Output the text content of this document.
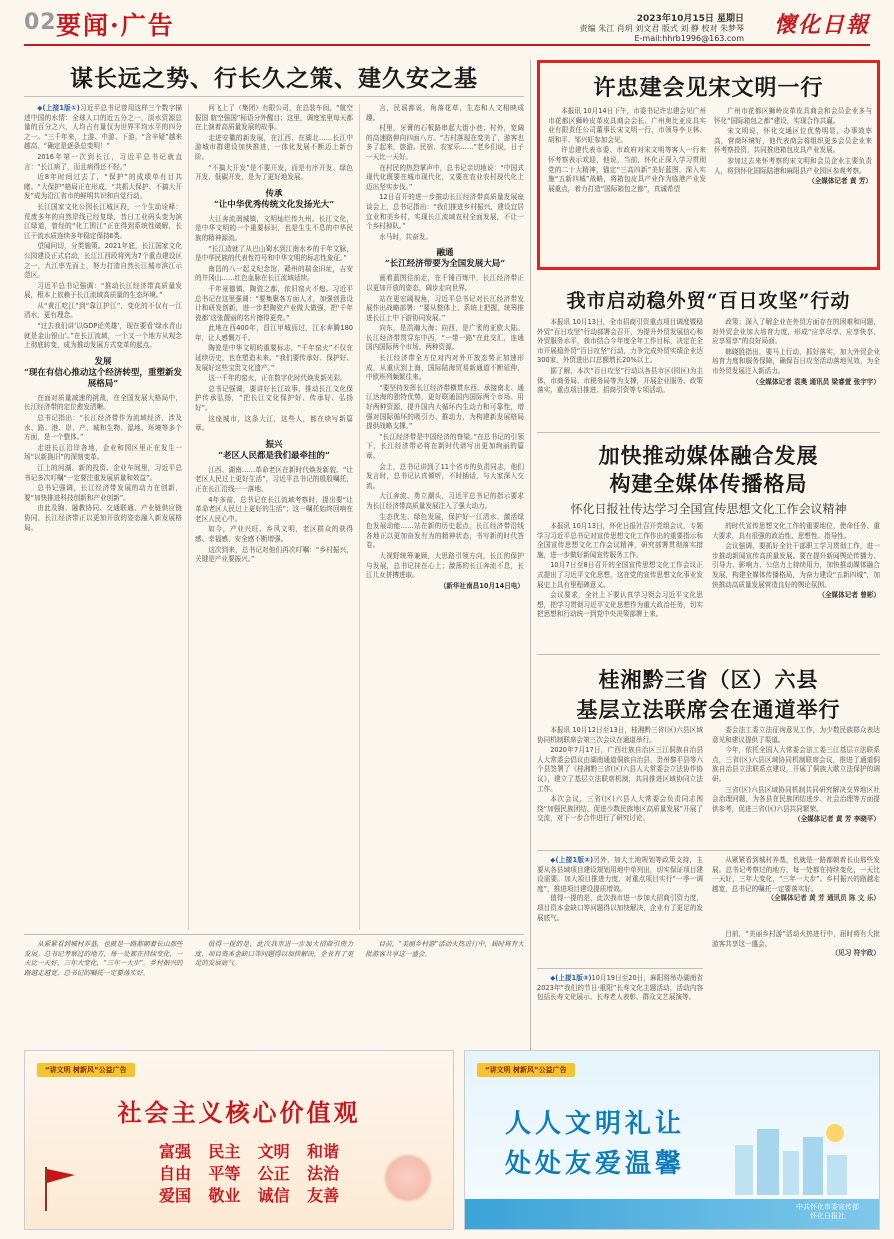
02 要闻·广告	2023年10月15日 星期日
责编 朱江 肖玥 刘文君 版式 刘 静 校对 朱梦琴
E-mail:hhrb1996@163.com
懷化日報
谋长远之势、行长久之策、建久安之基

◆(上接1版①)习近平总书记曾用这样三个数字描述中国的水情：全球人口的近五分之一，淡水资源总量的百分之六，人均占有量仅为世界平均水平的四分之一。“三千年来，上游、中游、下游，“含辛疑”越来越高，“确定是逐条总变明！”

2016年第一次到长江，习近平总书记就直言：“长江病了，而且病得还不轻。”

近8年时间过去了，“保护”的成绩单有目共睹。“大保护”格局正在形成，“共抓大保护、不搞大开发”成为沿江省市的鲜明共识和自觉行动。

长江国家文化公园长江城区段，一个生动诠释：荒废多年的自然岸线已经复绿，昔日工业码头变为滨江绿道，曾经的“化工围江”正在得到系统性破解，长江干流水质连续多年稳定保持Ⅱ类。

望闻问切，分类施策。2021年底，长江国家文化公园建设正式启动，长江江西段将列为7个重点建设区之一，九江率先而上，努力打造自然长江城市滨江示范区。

习近平总书记强调：“推动长江经济带高质量发展，根本上依赖于长江流域高质量的生态环境。”

从“黄江吃江”到“靠江护江”，变化的不仅有一江清水，更有理念。

“过去我们讲‘以GDP论英雄’，现在要看‘绿水青山就是金山银山’。”在长江流域，一个又一个地方从观念上彻底转变，成为推动发展方式变革的起点。

发展
“现在有信心推动这个经济转型，重塑新发展格局”

在面对质量减速的挑战，在全国发展大格局中，长江经济带的定位愈发清晰。

总书记指出：“长江经济带作为流域经济，涉及水、路、港、岸、产、城和生物、湿地、环境等多个方面，是一个整体。”

走进长江沿岸各地，企业和园区里正在发生一场“以新换旧”的深刻变革。

江上的河湖、新的投资、企业车间里，习近平总书记多次叮嘱“一定要注重发展质量和效益”。

总书记强调，长江经济带发展的动力在创新，要“加快推进科技创新和产业创新”。

由此及胸、融教协同、交通联通、产业链供应链协同，长江经济带正以更加开放的姿态融入新发展格局。

问飞上了（集团）有限公司，在总装车间，“航空报国 航空强国”标语分外醒目；这里，调度室里每天都在上演着高质量发展的故事。

走进安徽的新发展，在江西、在湖北……长江中游城市群建设加快推进，一体化发展不断迈上新台阶。

“不搞大开发”是不要开发，而是有序开发、绿色开发、低碳开发，是为了更好地发展。

传承
“让中华优秀传统文化发扬光大”

大江奔流润城镇，文明灿烂传九州。长江文化，是中华文明的一个重要标识，也是生生不息的中华民族的精神源流。

“长江造就了从巴山蜀水到江南水乡的千年文脉，是中华民族的代表性符号和中华文明的标志性象征。”

南昌的八一起义纪念馆，赣州的瑞金旧址，吉安的井冈山……红色血脉在长江流域延续。

千年景德镇，陶瓷之都，依旧窑火不熄。习近平总书记在这里强调：“要集聚各方面人才，加强创意设计和研发创新，进一步把陶瓷产业做大做强，把‘千年瓷都’这张靓丽的名片擦得更亮。”

此地在西400年，昌江甲城而过，江水奔腾180年，让人感慨万千。

陶瓷是中华文明的重要标志，“千年窑火”不仅在延续历史，也在塑造未来。“我们要传承好、保护好、发展好这些宝贵文化遗产。”

这一千年的窑火，正在数字化时代焕发新光彩。

总书记强调，要讲好长江故事，推动长江文化保护传承弘扬，“把长江文化保护好、传承好、弘扬好”。

这座城市，这条大江，这些人，都在续写新篇章。

振兴
“老区人民都是我们最牵挂的”

江西、湖南……革命老区在新时代焕发新貌。“让老区人民过上更好生活”，习近平总书记的殷殷嘱托，正在长江沿线一一落地。

4年多前，总书记在长江流域考察时，提出要“让革命老区人民过上更好的生活”；这一嘱托始终回响在老区人民心中。

如今，产业兴旺、乡风文明，老区群众的获得感、幸福感、安全感不断增强。

这次到来，总书记对他们再次叮嘱：“乡村振兴，关键是产业要振兴。”

言，民谣都说，角落花草，生态和人文相映成趣。

村里，牙膏的石板路串起大街小巷；村外，宽阔的高速路伸向四面八方。“古村落现在变美了，游客也多了起来，旅游、民宿、农家乐……”老乡们说，日子一天比一天好。

在村民的热烈掌声中，总书记亲切地说：“中国式现代化既要在城市现代化，又要在农业农村现代化上迈出坚实步伐。”

12日召开的进一步推动长江经济带高质量发展座谈会上，总书记指出：“我们推进乡村振兴，建设宜居宜业和美乡村，实现长江流域农村全面发展，不让一个乡村掉队。”

水马时，共奋发。

融通
“长江经济带要为全国发展大局”

画着蓝图往前走，在千锤百炼中，长江经济带正以更加开放的姿态，阔步走向世界。

站在更宏阔视角，习近平总书记对长江经济带发展作出战略部署：“要从整体上、系统上把握，统筹推进长江上中下游协同发展。”

向东，是浩瀚大海；向西，是广袤的亚欧大陆。长江经济带贯穿东中西，“一带一路”在此交汇，连通国内国际两个市场、两种资源。

长江经济带全方位对内对外开放态势正加速形成，从重庆到上海，国际陆海贸易新通道不断延伸，中欧班列频繁往来。

“要坚持发挥长江经济带横贯东西、承接南北、通江达海的独特优势，更好联通国内国际两个市场、用好两种资源，提升国内大循环内生动力和可靠性，增强对国际循环的吸引力、推动力，为构建新发展格局提供战略支撑。”

“长江经济带是中国经济的脊梁。”在总书记的引领下，长江经济带必将在新时代谱写出更加绚丽的篇章。

会上，总书记讲到了11个省市的负责同志，他们发言时，总书记认真倾听，不时插话，与大家深入交流。

大江奔流、勇立潮头，习近平总书记的指示要求为长江经济带高质量发展注入了强大动力。

生态优先、绿色发展，保护好一江清水、激活绿色发展动能……站在新的历史起点，长江经济带沿线各地正以更加奋发有为的精神状态，书写新的时代答卷。

大视野统筹兼顾，大思路引领方向，长江的保护与发展，总书记挂在心上；激荡的长江奔流不息，长江儿女拼搏进取。

（新华社南昌10月14日电）

许忠建会见宋文明一行

本报讯 10月14日下午，市委书记许忠建会见广州市花都区狮岭皮革皮具商会会长、广州奥比亚皮具实业有限责任公司董事长宋文明一行，市领导李卫林、胡和平、邹兴旺参加会见。

许忠建代表市委、市政府对宋文明等客人一行来怀考察表示欢迎，他说，当前，怀化正深入学习贯彻党的二十大精神，锚定“三高四新”美好蓝图，深入实施“五新四城”战略，将箱包皮具产业作为临港产业发展重点，着力打造“国际箱包之都”，真诚希望

广州市花都区狮岭皮革皮具商会和会员企业多与怀化“国际箱包之都”建设，实现合作共赢。

宋文明说，怀化交通区位优势明显，办事效率高，营商环境好，他代表商会将组织更多会员企业来怀考察投资，共同推进箱包皮具产业发展。

参加过去来怀考察的宋文明和会员企业主要负责人，将到怀化国际陆港和麻阳县产业园区参观考察。

（全媒体记者 黄 芳）

我市启动稳外贸“百日攻坚”行动

本报讯 10月13日，全市招商引资重点项目调度暨稳外贸“百日攻坚”行动部署会召开，为提升外贸发展信心和外贸服务水平，我市结合今年度全年工作目标，决定在全市开展稳外贸“百日攻坚”行动，力争完成外贸实绩企业达300家，外贸进出口总额增长20%以上。

据了解，本次“百日攻坚”行动以各县市区(园区)为主体，市商务局、市税务局等为支撑，开展企业服务、政策落实、重点项目推进、招商引资等专项活动。

政策：深入了解企业在外贸方面存在的困难和问题，对外贸企业加大培育力度，形成“应享尽享、应享快享、应享易享”的良好局面。

韩晓胜指出，要马上行动，抓好落实，加大外贸企业培育力度和服务保障，确保百日攻坚活动落地见效，为全市外贸发展注入新活力。

（全媒体记者 袁奥 通讯员 梁睿萱 张宇宇）

加快推动媒体融合发展
构建全媒体传播格局
怀化日报社传达学习全国宣传思想文化工作会议精神

本报讯 10月13日，怀化日报社召开党组会议，专题学习习近平总书记对宣传思想文化工作作出的重要指示和全国宣传思想文化工作会议精神，研究部署贯彻落实措施，进一步做好新闻宣传服务工作。

10月7日至8日召开的全国宣传思想文化工作会议正式提出了习近平文化思想，这在党的宣传思想文化事业发展史上具有里程碑意义。

会议要求，全社上下要认真学习领会习近平文化思想，把学习贯彻习近平文化思想作为重大政治任务，切实把思想和行动统一到党中央决策部署上来。

的时代宣传思想文化工作的重要地位，使命任务、重大要求，具有很强的政治性、思想性、指导性。

会议强调，要抓好全社干部职工学习贯彻工作，进一步推动新闻宣传高质量发展。要在提升新闻舆论传播力、引导力、影响力、公信力上持续用力，加快推动媒体融合发展，构建全媒体传播格局，为奋力建设“五新四城”，加快推动高质量发展营造良好的舆论氛围。

（全媒体记者 曾彬）

桂湘黔三省（区）六县
基层立法联席会在通道举行

本报讯 10月12日至13日，桂湘黔三省(区)六县区域协同机制联席会第三次会议在通道举行。

2020年7月17日，广西壮族自治区三江侗族自治县人大常委会倡议由湖南通道侗族自治县、贵州黎平县等六个县签署了《桂湘黔三省(区)六县人大常委会立法协作协议》，建立了基层立法联席机制，共同推进区域协同立法工作。

本次会议，三省(区)六县人大常委会负责同志围绕“加强民族团结，促进少数民族地区高质量发展”开展了交流，对下一步合作进行了研究讨论。

委会法工委立法征询意见工作，为少数民族群众表达意见和建议提供了渠道。

今年，依托全国人大常委会法工委三江基层立法联系点，三省(区)六县区域协同机制联席会议，推进了通道侗族自治县立法联系点建设，开展了侗族大歌立法保护的调研。

三省(区)六县区域协同机制共同研究解决交界地区社会治理问题，为各县在民族团结进步、社会治理等方面提供参考，促进三省(区)六县共同繁荣。

（全媒体记者 黄 芳 李晓平）

◆(上接1版②)另外，加大土地规划等政策支持，主要从各县域项目建设规划用地中单列出，切实保证项目建设需要。加大项目推进力度，对重点项目实行“一季一调度”，推进项目建设提质增效。

值得一提的是，此次我市进一步加大招商引资力度，项目资本金缺口等问题得以加快解决，企业有了更足的发展底气。

从紧紧看到城村养基，也就是一路都朝着长山那些发展。总书记考察过的地方，每一处都在持续变化，一天比一天好，三年大变化，“三年一大步”。乡村振兴的路越走越宽，总书记的嘱托一定要落实好。

（全媒体记者 黄 芳 通讯员 陈 文 乐）

◆(上接1版③)10月19日至20日，麻阳将举办湖南省2023年“我们的节日·重阳”长寿文化主题活动，活动内容包括长寿文化展示、长寿老人表彰、群众文艺展演等。

目前，“美丽乡村游”活动火热进行中，届时将有大批游客共享这一盛会。

（见习 符宇政）

从紧紧看到城村养基，也就是一路都朝着长山那些发展。总书记考察过的地方，每一处都在持续变化，一天比一天好，三年大变化，“三年一大步”。乡村振兴的路越走越宽，总书记的嘱托一定要落实好。

值得一提的是，此次我市进一步加大招商引资力度，项目资本金缺口等问题得以加快解决，企业有了更足的发展底气。

目前，“美丽乡村游”活动火热进行中，届时将有大批游客共享这一盛会。

“讲文明 树新风”公益广告
社会主义核心价值观
富强 民主 文明 和谐
自由 平等 公正 法治
爱国 敬业 诚信 友善
“讲文明 树新风”公益广告
人人文明礼让
处处友爱温馨
中共怀化市委宣传部
怀化日报社
